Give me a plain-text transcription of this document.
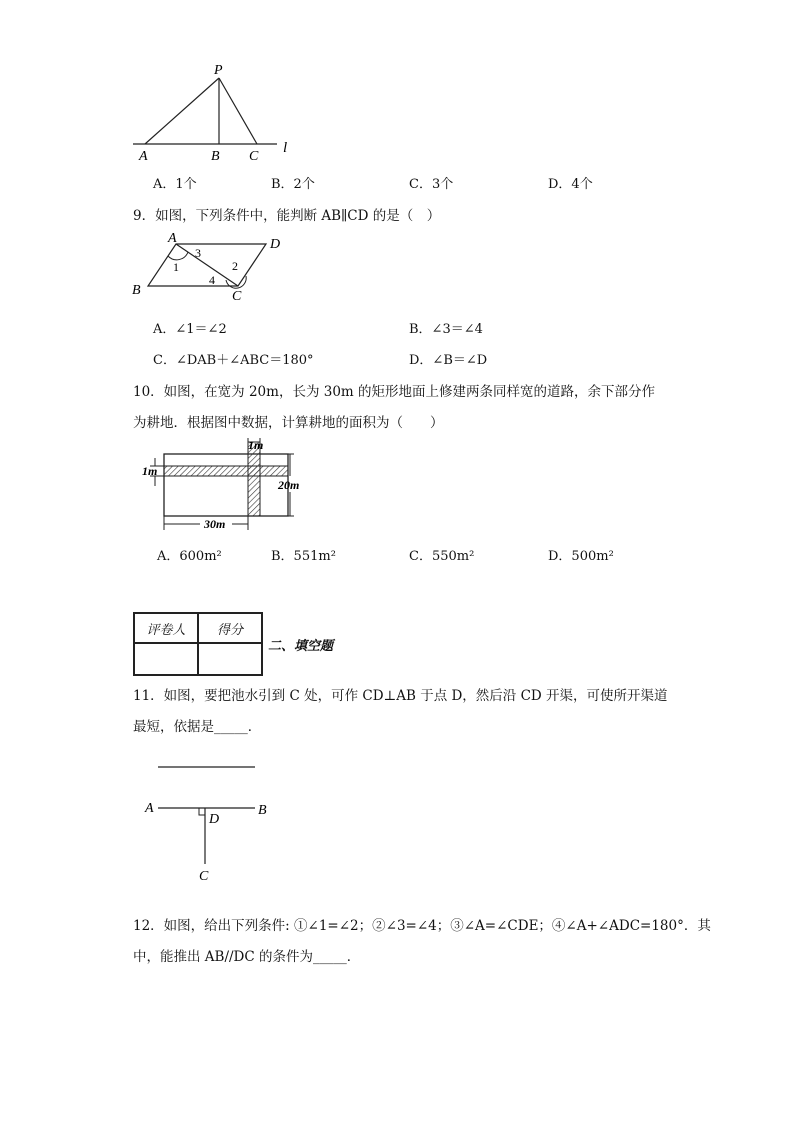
P
A	B C
l
A．1个	B．2个	C．3个	D．4个
9．如图，下列条件中，能判断 AB∥CD 的是（　）
A	D
B	C
1
3
2
4
A．∠1＝∠2	B．∠3＝∠4
C．∠DAB＋∠ABC＝180°	D．∠B＝∠D
10．如图，在宽为 20m，长为 30m 的矩形地面上修建两条同样宽的道路，余下部分作
为耕地．根据图中数据，计算耕地的面积为（　　）
1m
1m
20m
30m
A．600m²	B．551m²	C．550m²	D．500m²
评卷人	得分

二、填空题
11．如图，要把池水引到 C 处，可作 CD⊥AB 于点 D，然后沿 CD 开渠，可使所开渠道
最短，依据是_____．
A	B
D
C
12．如图，给出下列条件: ①∠1=∠2；②∠3=∠4；③∠A=∠CDE；④∠A+∠ADC=180°．其
中，能推出 AB//DC 的条件为_____．
